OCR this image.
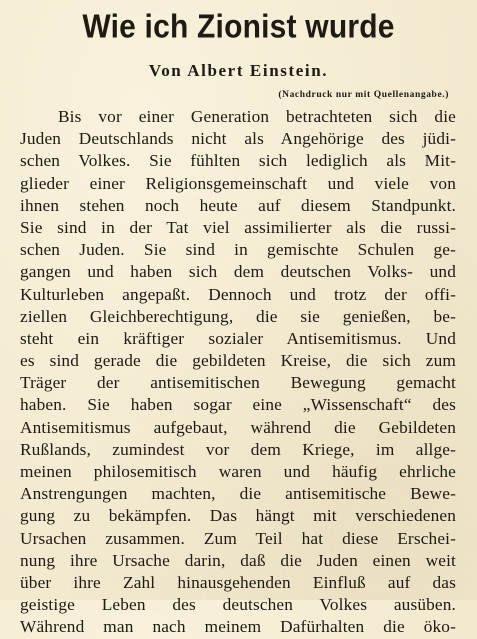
Wie ich Zionist wurde
Von Albert Einstein.
(Nachdruck nur mit Quellenangabe.)
Bis vor einer Generation betrachteten sich die
Juden Deutschlands nicht als Angehörige des jüdi-
schen Volkes. Sie fühlten sich lediglich als Mit-
glieder einer Religionsgemeinschaft und viele von
ihnen stehen noch heute auf diesem Standpunkt.
Sie sind in der Tat viel assimilierter als die russi-
schen Juden. Sie sind in gemischte Schulen ge-
gangen und haben sich dem deutschen Volks- und
Kulturleben angepaßt. Dennoch und trotz der offi-
ziellen Gleichberechtigung, die sie genießen, be-
steht ein kräftiger sozialer Antisemitismus. Und
es sind gerade die gebildeten Kreise, die sich zum
Träger der antisemitischen Bewegung gemacht
haben. Sie haben sogar eine „Wissenschaft“ des
Antisemitismus aufgebaut, während die Gebildeten
Rußlands, zumindest vor dem Kriege, im allge-
meinen philosemitisch waren und häufig ehrliche
Anstrengungen machten, die antisemitische Bewe-
gung zu bekämpfen. Das hängt mit verschiedenen
Ursachen zusammen. Zum Teil hat diese Erschei-
nung ihre Ursache darin, daß die Juden einen weit
über ihre Zahl hinausgehenden Einfluß auf das
geistige Leben des deutschen Volkes ausüben.
Während man nach meinem Dafürhalten die öko-
